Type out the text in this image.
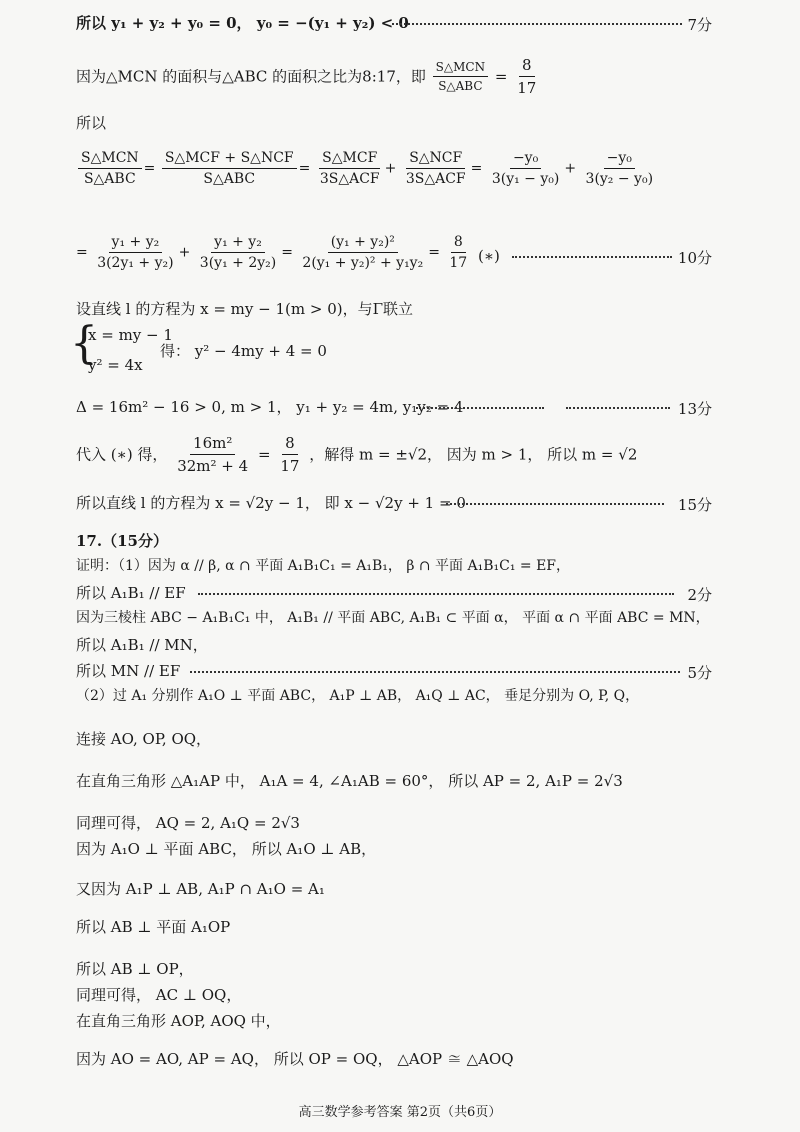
所以 y₁ + y₂ + y₀ = 0， y₀ = −(y₁ + y₂) < 0	7分
因为△MCN 的面积与△ABC 的面积之比为8:17，即 $\frac{\text{S△MCN}}{\text{S△ABC}} = \frac{8}{17}$
所以
$\frac{\text{S△MCN}}{\text{S△ABC}} = \frac{\text{S△MCF + S△NCF}}{\text{S△ABC}} = \frac{\text{S△MCF}}{\text{3S△ACF}} + \frac{\text{S△NCF}}{\text{3S△ACF}} = \frac{\text{−y₀}}{\text{3(y₁ − y₀)}} + \frac{\text{−y₀}}{\text{3(y₂ − y₀)}}$
= $\frac{\text{y₁ + y₂}}{\text{3(2y₁ + y₂)}} + \frac{\text{y₁ + y₂}}{\text{3(y₁ + 2y₂)}} = \frac{\text{(y₁ + y₂)²}}{\text{2(y₁ + y₂)² + y₁y₂}} = \frac{8}{17}$ (∗)	10分
设直线 l 的方程为 x = my − 1(m > 0)，与Γ联立
{
x = my − 1
y² = 4x
得： y² − 4my + 4 = 0
Δ = 16m² − 16 > 0, m > 1， y₁ + y₂ = 4m, y₁y₂ = 4	13分
代入 (∗) 得， $\frac{\text{16m²}}{\text{32m² + 4}} = \frac{8}{17}$ ，解得 m = ±√2， 因为 m > 1， 所以 m = √2
所以直线 l 的方程为 x = √2y − 1， 即 x − √2y + 1 = 0	15分
17.（15分）
证明：（1）因为 α // β, α ∩ 平面 A₁B₁C₁ = A₁B₁， β ∩ 平面 A₁B₁C₁ = EF，
所以 A₁B₁ // EF	2分
因为三棱柱 ABC − A₁B₁C₁ 中， A₁B₁ // 平面 ABC, A₁B₁ ⊂ 平面 α， 平面 α ∩ 平面 ABC = MN，
所以 A₁B₁ // MN，
所以 MN // EF	5分
（2）过 A₁ 分别作 A₁O ⊥ 平面 ABC， A₁P ⊥ AB， A₁Q ⊥ AC， 垂足分别为 O, P, Q，
连接 AO, OP, OQ，
在直角三角形 △A₁AP 中， A₁A = 4, ∠A₁AB = 60°， 所以 AP = 2, A₁P = 2√3
同理可得， AQ = 2, A₁Q = 2√3
因为 A₁O ⊥ 平面 ABC， 所以 A₁O ⊥ AB，
又因为 A₁P ⊥ AB, A₁P ∩ A₁O = A₁
所以 AB ⊥ 平面 A₁OP
所以 AB ⊥ OP，
同理可得， AC ⊥ OQ，
在直角三角形 AOP, AOQ 中，
因为 AO = AO, AP = AQ， 所以 OP = OQ， △AOP ≅ △AOQ
高三数学参考答案 第2页（共6页）
